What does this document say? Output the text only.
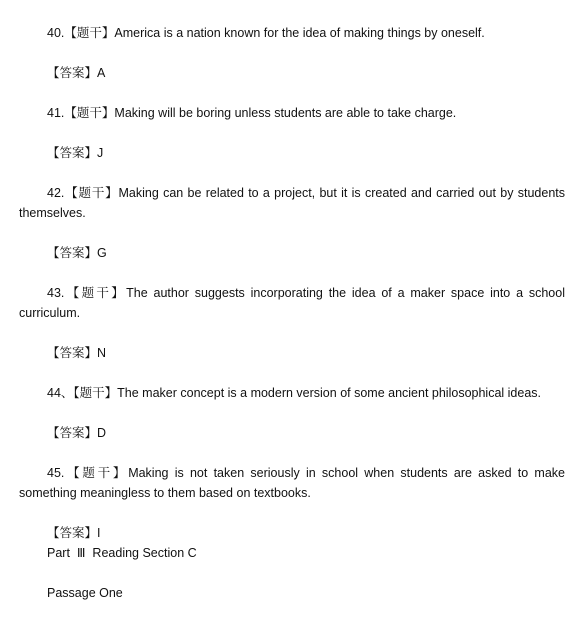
40.【题干】America is a nation known for the idea of making things by oneself.
【答案】A
41.【题干】Making will be boring unless students are able to take charge.
【答案】J
42.【题干】Making can be related to a project, but it is created and carried out by students themselves.
【答案】G
43.【题干】The author suggests incorporating the idea of a maker space into a school curriculum.
【答案】N
44、【题干】The maker concept is a modern version of some ancient philosophical ideas.
【答案】D
45.【题干】Making is not taken seriously in school when students are asked to make something meaningless to them based on textbooks.
【答案】I
Part  Ⅲ  Reading Section C
Passage One
